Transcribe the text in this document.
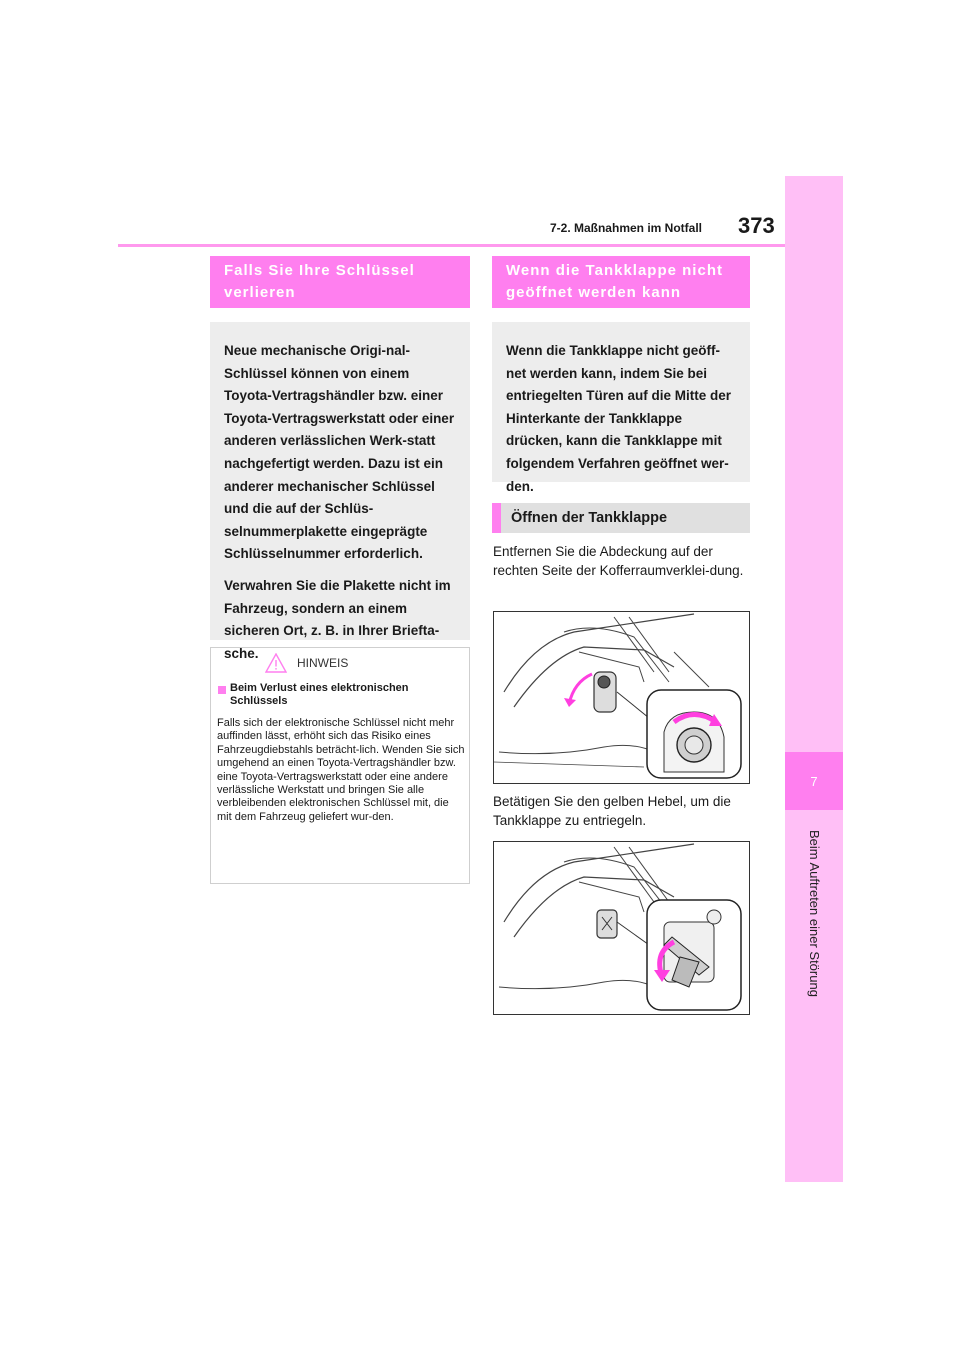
7
Beim Auftreten einer Störung
7-2. Maßnahmen im Notfall 373
Falls Sie Ihre Schlüssel
verlieren

Neue mechanische Origi-nal-Schlüssel können von einem Toyota-Vertragshändler bzw. einer Toyota-Vertragswerkstatt oder einer anderen verlässlichen Werk-statt nachgefertigt werden. Dazu ist ein anderer mechanischer Schlüssel und die auf der Schlüs-selnummerplakette eingeprägte Schlüsselnummer erforderlich.

Verwahren Sie die Plakette nicht im Fahrzeug, sondern an einem sicheren Ort, z. B. in Ihrer Briefta-sche.

HINWEIS
Beim Verlust eines elektronischen Schlüssels

Falls sich der elektronische Schlüssel nicht mehr auffinden lässt, erhöht sich das Risiko eines Fahrzeugdiebstahls beträcht-lich. Wenden Sie sich umgehend an einen Toyota-Vertragshändler bzw. eine Toyota-Vertragswerkstatt oder eine andere verlässliche Werkstatt und bringen Sie alle verbleibenden elektronischen Schlüssel mit, die mit dem Fahrzeug geliefert wur-den.

Wenn die Tankklappe nicht
geöffnet werden kann

Wenn die Tankklappe nicht geöff-net werden kann, indem Sie bei entriegelten Türen auf die Mitte der Hinterkante der Tankklappe drücken, kann die Tankklappe mit folgendem Verfahren geöffnet wer-den.

Öffnen der Tankklappe

Entfernen Sie die Abdeckung auf der rechten Seite der Kofferraumverklei-dung.

Betätigen Sie den gelben Hebel, um die Tankklappe zu entriegeln.
